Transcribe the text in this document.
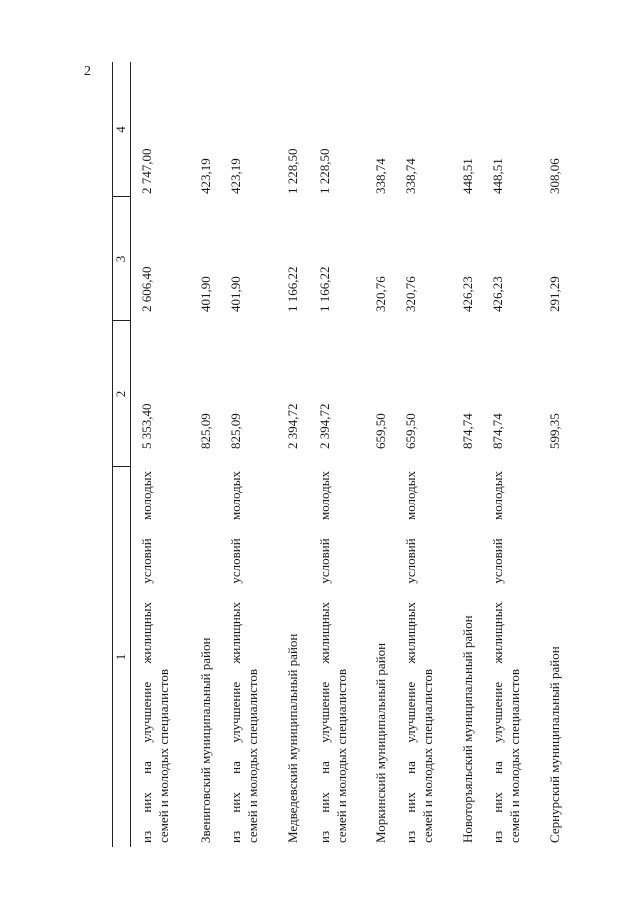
2
1
2
3
4
из них на улучшение жилищных условий молодых семей и молодых специалистов
5 353,40
2 606,40
2 747,00
Звениговский муниципальный район
825,09
401,90
423,19
из них на улучшение жилищных условий молодых семей и молодых специалистов
825,09
401,90
423,19
Медведевский муниципальный район
2 394,72
1 166,22
1 228,50
из них на улучшение жилищных условий молодых семей и молодых специалистов
2 394,72
1 166,22
1 228,50
Моркинский муниципальный район
659,50
320,76
338,74
из них на улучшение жилищных условий молодых семей и молодых специалистов
659,50
320,76
338,74
Новоторъяльский муниципальный район
874,74
426,23
448,51
из них на улучшение жилищных условий молодых семей и молодых специалистов
874,74
426,23
448,51
Сернурский муниципальный район
599,35
291,29
308,06
